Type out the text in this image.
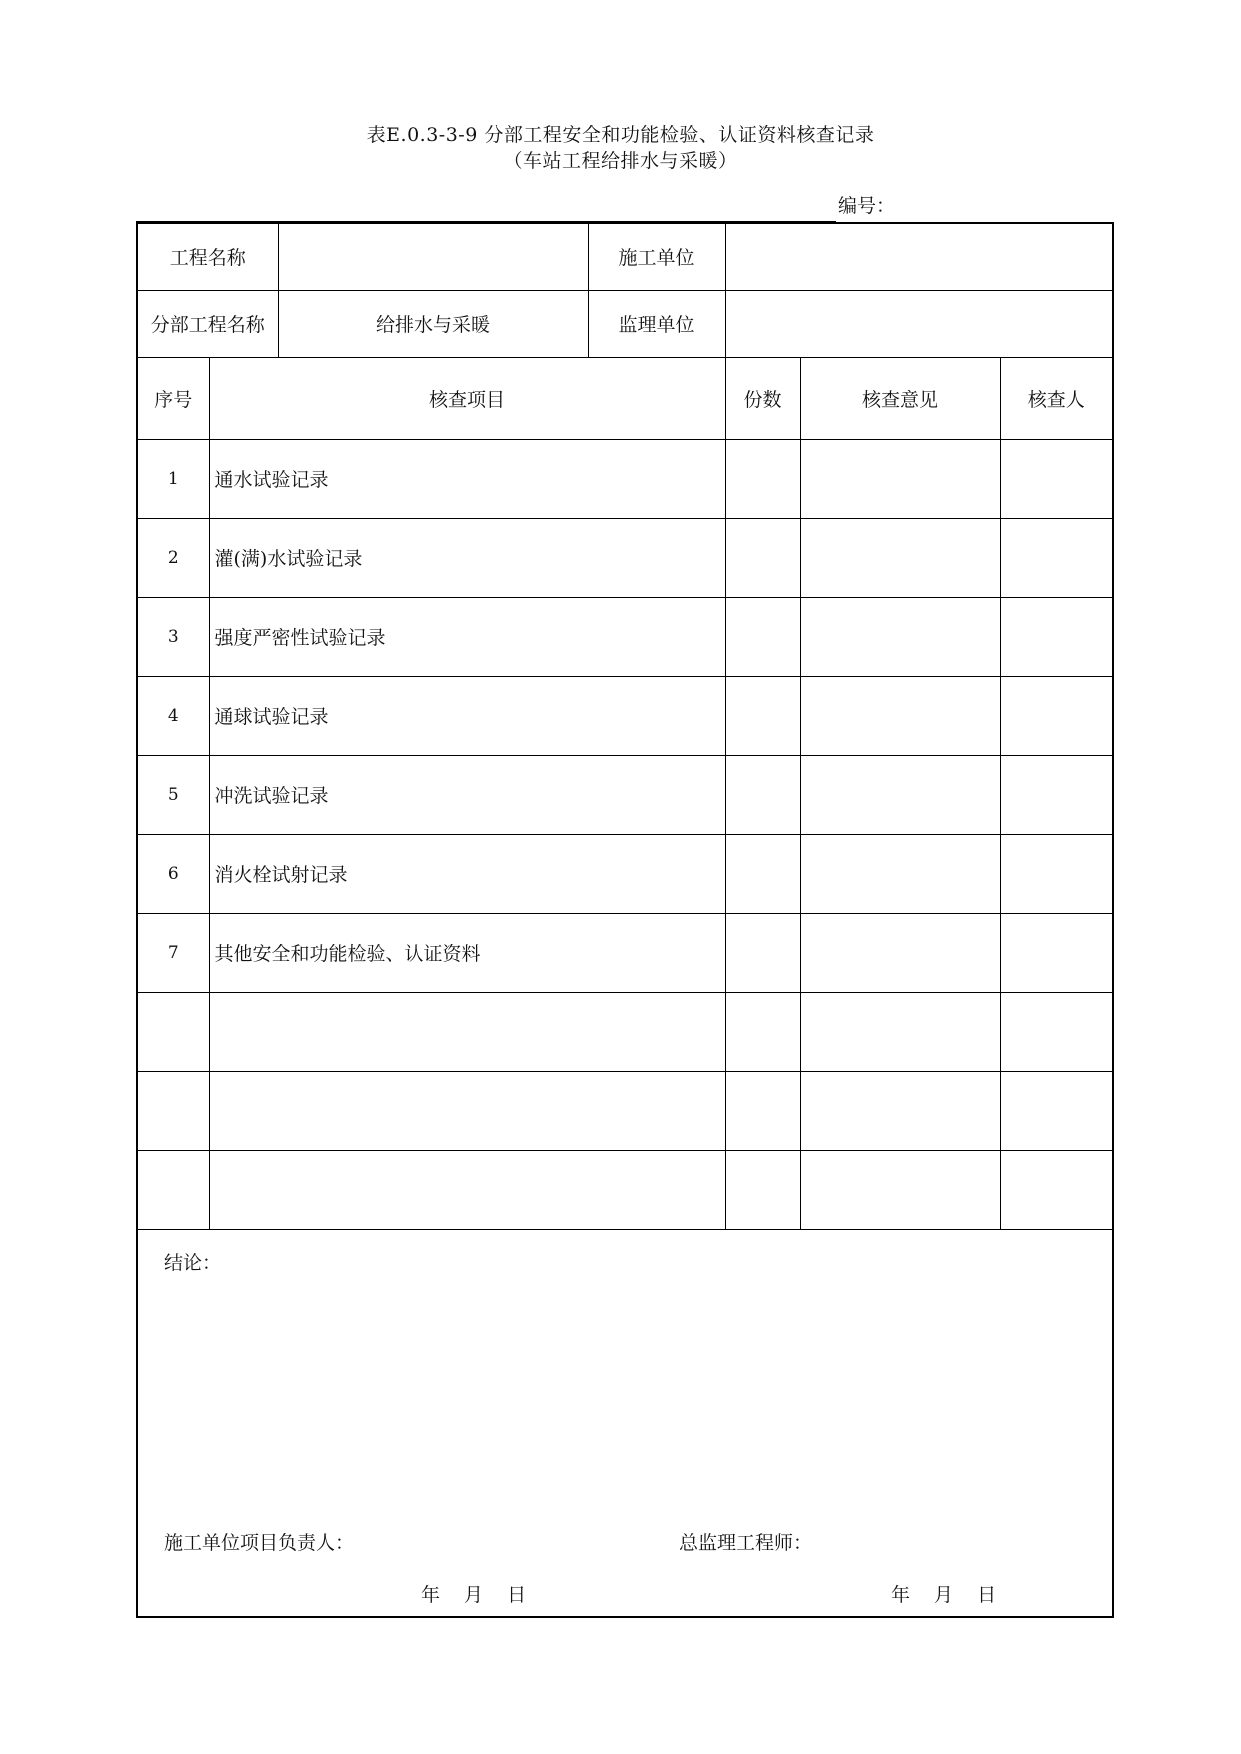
表E.0.3-3-9 分部工程安全和功能检验、认证资料核查记录
（车站工程给排水与采暖）
编号：
工程名称			施工单位			
分部工程名称		给排水与采暖	监理单位			
序号	核查项目			份数	核查意见	核查人
1	通水试验记录					
2	灌(满)水试验记录					
3	强度严密性试验记录					
4	通球试验记录					
5	冲洗试验记录					
6	消火栓试射记录					
7	其他安全和功能检验、认证资料					

结论：
施工单位项目负责人： 总监理工程师：
年 月 日 年 月 日						
